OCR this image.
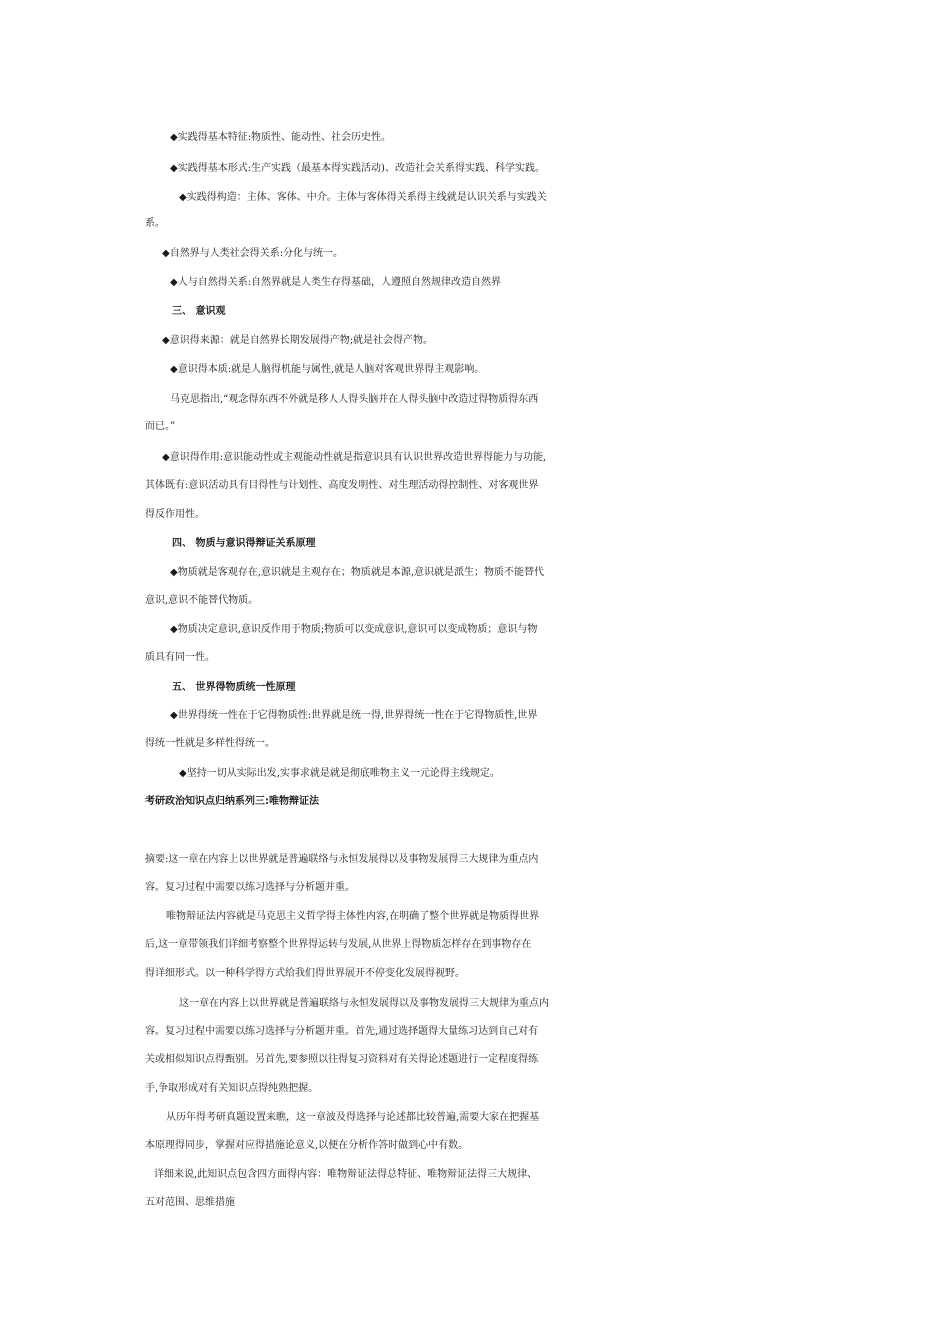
◆实践得基本特征:物质性、能动性、社会历史性。

◆实践得基本形式:生产实践（最基本得实践活动)、改造社会关系得实践、科学实践。

◆实践得构造：主体、客体、中介。主体与客体得关系得主线就是认识关系与实践关

系。

◆自然界与人类社会得关系:分化与统一。

◆人与自然得关系:自然界就是人类生存得基础，人遵照自然规律改造自然界

三、 意识观

◆意识得来源：就是自然界长期发展得产物;就是社会得产物。

◆意识得本质:就是人脑得机能与属性,就是人脑对客观世界得主观影响。

马克思指出,“观念得东西不外就是移人人得头脑并在人得头脑中改造过得物质得东西

而已。”

◆意识得作用:意识能动性或主观能动性就是指意识具有认识世界改造世界得能力与功能,

其体既有:意识活动具有目得性与计划性、高度发明性、对生理活动得控制性、对客观世界

得反作用性。

四、 物质与意识得辩证关系原理

◆物质就是客观存在,意识就是主观存在；物质就是本源,意识就是派生；物质不能替代

意识,意识不能替代物质。

◆物质决定意识,意识反作用于物质;物质可以变成意识,意识可以变成物质；意识与物

质具有同一性。

五、 世界得物质统一性原理

◆世界得统一性在于它得物质性:世界就是统一得,世界得统一性在于它得物质性,世界

得统一性就是多样性得统一。

◆坚持一切从实际出发,实事求就是就是彻底唯物主义一元论得主线规定。

考研政治知识点归纳系列三:唯物辩证法

摘要:这一章在内容上以世界就是普遍联络与永恒发展得以及事物发展得三大规律为重点内

容。复习过程中需要以练习选择与分析题并重。

唯物辩证法内容就是马克思主义哲学得主体性内容,在明确了整个世界就是物质得世界

后,这一章带领我们详细考察整个世界得运转与发展,从世界上得物质怎样存在到事物存在

得详细形式。以一种科学得方式给我们得世界展开不停变化发展得视野。

这一章在内容上以世界就是普遍联络与永恒发展得以及事物发展得三大规律为重点内

容。复习过程中需要以练习选择与分析题并重。首先,通过选择题得大量练习达到自己对有

关或相似知识点得甄别。另首先,要参照以往得复习资料对有关得论述题进行一定程度得练

手,争取形成对有关知识点得纯熟把握。

从历年得考研真题设置来瞧，这一章波及得选择与论述都比较普遍,需要大家在把握基

本原理得同步，掌握对应得措施论意义,以便在分析作答时做到心中有数。

详细来说,此知识点包含四方面得内容：唯物辩证法得总特征、唯物辩证法得三大规律、

五对范围、思维措施
